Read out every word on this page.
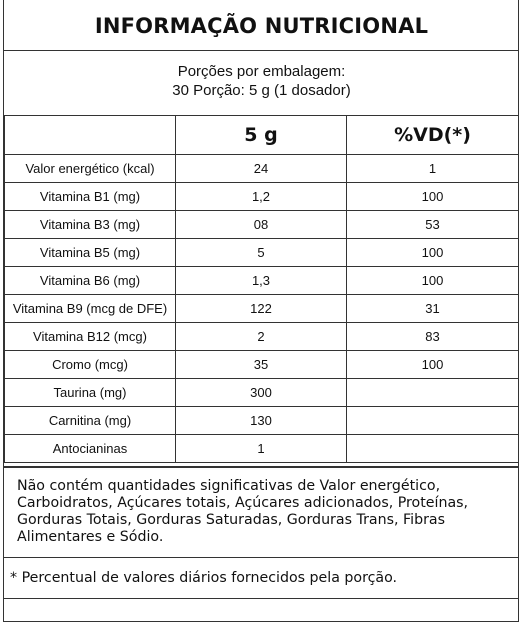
INFORMAÇÃO NUTRICIONAL
Porções por embalagem:
30 Porção: 5 g (1 dosador)
	5 g	%VD(*)
Valor energético (kcal)	24	1
Vitamina B1 (mg)	1,2	100
Vitamina B3 (mg)	08	53
Vitamina B5 (mg)	5	100
Vitamina B6 (mg)	1,3	100
Vitamina B9 (mcg de DFE)	122	31
Vitamina B12 (mcg)	2	83
Cromo (mcg)	35	100
Taurina (mg)	300	
Carnitina (mg)	130	
Antocianinas	1	
Não contém quantidades significativas de Valor energético, Carboidratos, Açúcares totais, Açúcares adicionados, Proteínas, Gorduras Totais, Gorduras Saturadas, Gorduras Trans, Fibras Alimentares e Sódio.
* Percentual de valores diários fornecidos pela porção.
